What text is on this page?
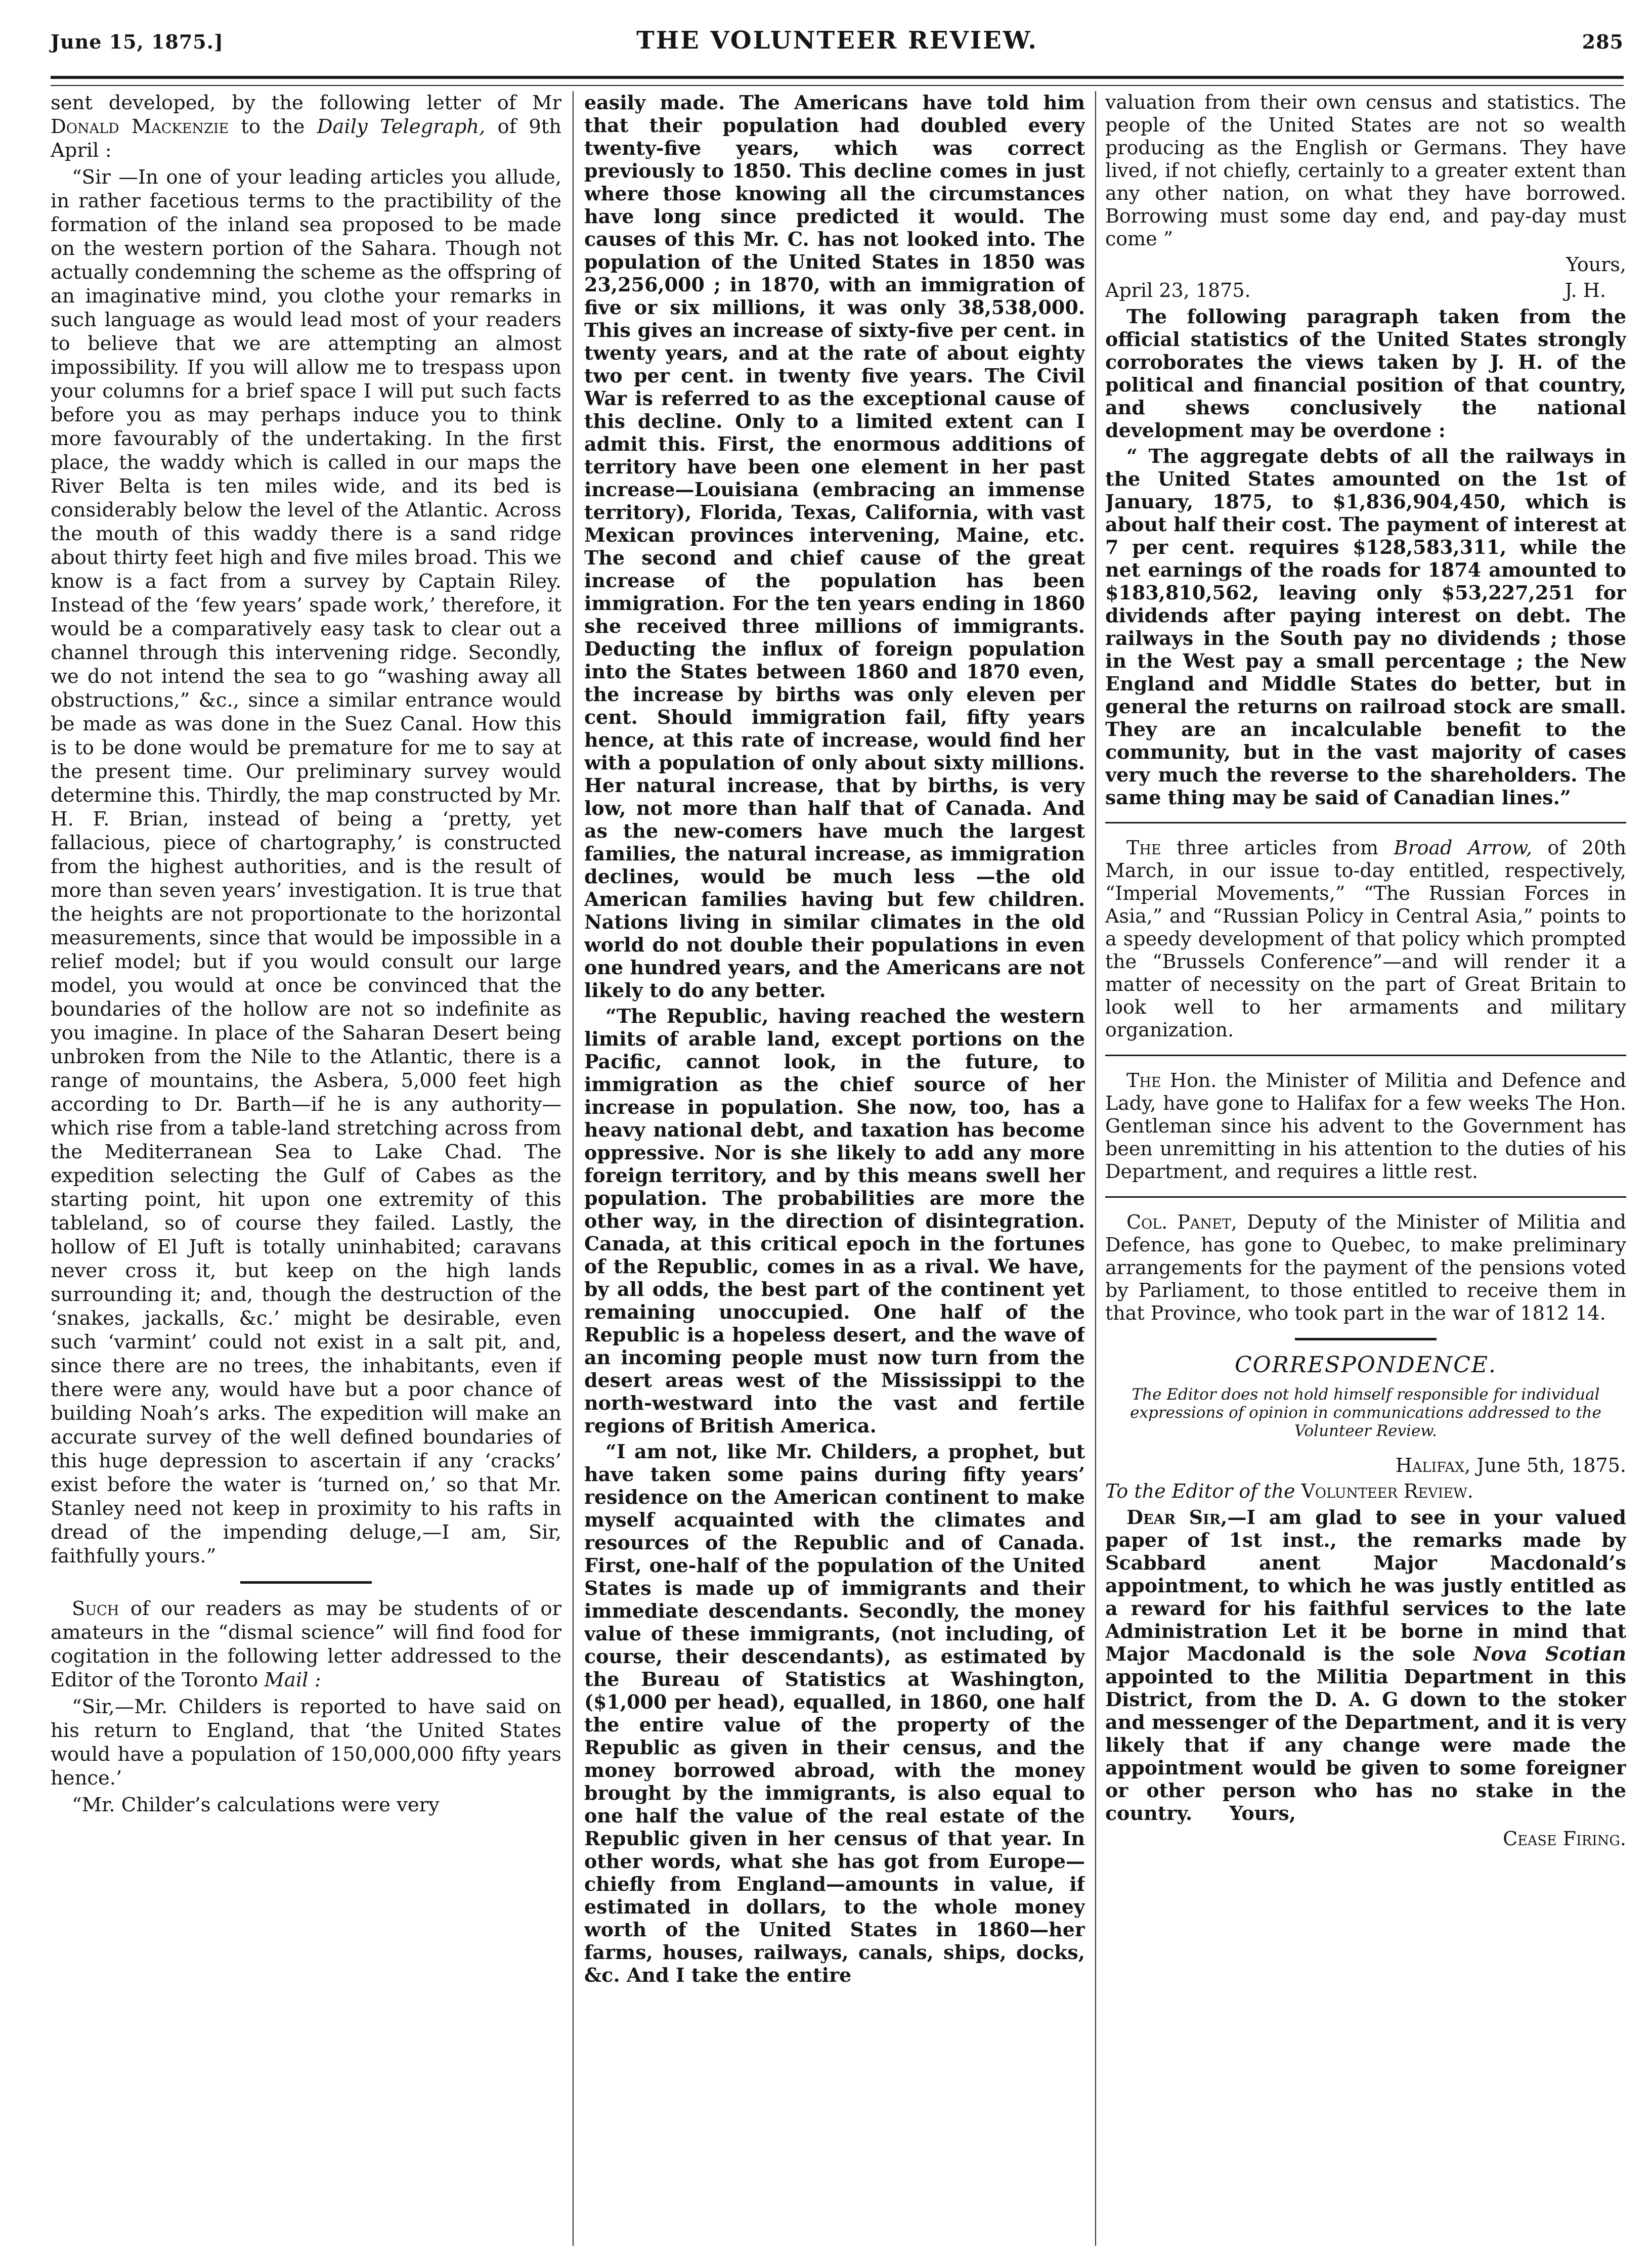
June 15, 1875.]	THE VOLUNTEER REVIEW.	285

sent developed, by the following letter of Mr Donald Mackenzie to the Daily Telegraph, of 9th April :

“Sir —In one of your leading articles you allude, in rather facetious terms to the practibility of the formation of the inland sea proposed to be made on the western portion of the Sahara. Though not actually condemning the scheme as the offspring of an imaginative mind, you clothe your remarks in such language as would lead most of your readers to believe that we are attempting an almost impossibility. If you will allow me to trespass upon your columns for a brief space I will put such facts before you as may perhaps induce you to think more favourably of the undertaking. In the first place, the waddy which is called in our maps the River Belta is ten miles wide, and its bed is considerably below the level of the Atlantic. Across the mouth of this waddy there is a sand ridge about thirty feet high and five miles broad. This we know is a fact from a survey by Captain Riley. Instead of the ‘few years’ spade work,’ therefore, it would be a comparatively easy task to clear out a channel through this intervening ridge. Secondly, we do not intend the sea to go “washing away all obstructions,” &c., since a similar entrance would be made as was done in the Suez Canal. How this is to be done would be premature for me to say at the present time. Our preliminary survey would determine this. Thirdly, the map constructed by Mr. H. F. Brian, instead of being a ‘pretty, yet fallacious, piece of chartography,’ is constructed from the highest authorities, and is the result of more than seven years’ investigation. It is true that the heights are not proportionate to the horizontal measurements, since that would be impossible in a relief model; but if you would consult our large model, you would at once be convinced that the boundaries of the hollow are not so indefinite as you imagine. In place of the Saharan Desert being unbroken from the Nile to the Atlantic, there is a range of mountains, the Asbera, 5,000 feet high according to Dr. Barth—if he is any authority—which rise from a table-land stretching across from the Mediterranean Sea to Lake Chad. The expedition selecting the Gulf of Cabes as the starting point, hit upon one extremity of this tableland, so of course they failed. Lastly, the hollow of El Juft is totally uninhabited; caravans never cross it, but keep on the high lands surrounding it; and, though the destruction of the ‘snakes, jackalls, &c.’ might be desirable, even such ‘varmint’ could not exist in a salt pit, and, since there are no trees, the inhabitants, even if there were any, would have but a poor chance of building Noah’s arks. The expedition will make an accurate survey of the well defined boundaries of this huge depression to ascertain if any ‘cracks’ exist before the water is ‘turned on,’ so that Mr. Stanley need not keep in proximity to his rafts in dread of the impending deluge,—I am, Sir, faithfully yours.”

Such of our readers as may be students of or amateurs in the “dismal science” will find food for cogitation in the following letter addressed to the Editor of the Toronto Mail :

“Sir,—Mr. Childers is reported to have said on his return to England, that ‘the United States would have a population of 150,000,000 fifty years hence.’

“Mr. Childer’s calculations were very

easily made. The Americans have told him that their population had doubled every twenty-five years, which was correct previously to 1850. This decline comes in just where those knowing all the circumstances have long since predicted it would. The causes of this Mr. C. has not looked into. The population of the United States in 1850 was 23,256,000 ; in 1870, with an immigration of five or six millions, it was only 38,538,000. This gives an increase of sixty-five per cent. in twenty years, and at the rate of about eighty two per cent. in twenty five years. The Civil War is referred to as the exceptional cause of this decline. Only to a limited extent can I admit this. First, the enormous additions of territory have been one element in her past increase—Louisiana (embracing an immense territory), Florida, Texas, California, with vast Mexican provinces intervening, Maine, etc. The second and chief cause of the great increase of the population has been immigration. For the ten years ending in 1860 she received three millions of immigrants. Deducting the influx of foreign population into the States between 1860 and 1870 even, the increase by births was only eleven per cent. Should immigration fail, fifty years hence, at this rate of increase, would find her with a population of only about sixty millions. Her natural increase, that by births, is very low, not more than half that of Canada. And as the new-comers have much the largest families, the natural increase, as immigration declines, would be much less —the old American families having but few children. Nations living in similar climates in the old world do not double their populations in even one hundred years, and the Americans are not likely to do any better.

“The Republic, having reached the western limits of arable land, except portions on the Pacific, cannot look, in the future, to immigration as the chief source of her increase in population. She now, too, has a heavy national debt, and taxation has become oppressive. Nor is she likely to add any more foreign territory, and by this means swell her population. The probabilities are more the other way, in the direction of disintegration. Canada, at this critical epoch in the fortunes of the Republic, comes in as a rival. We have, by all odds, the best part of the continent yet remaining unoccupied. One half of the Republic is a hopeless desert, and the wave of an incoming people must now turn from the desert areas west of the Mississippi to the north-westward into the vast and fertile regions of British America.

“I am not, like Mr. Childers, a prophet, but have taken some pains during fifty years’ residence on the American continent to make myself acquainted with the climates and resources of the Republic and of Canada. First, one-half of the population of the United States is made up of immigrants and their immediate descendants. Secondly, the money value of these immigrants, (not including, of course, their descendants), as estimated by the Bureau of Statistics at Washington, ($1,000 per head), equalled, in 1860, one half the entire value of the property of the Republic as given in their census, and the money borrowed abroad, with the money brought by the immigrants, is also equal to one half the value of the real estate of the Republic given in her census of that year. In other words, what she has got from Europe—chiefly from England—amounts in value, if estimated in dollars, to the whole money worth of the United States in 1860—her farms, houses, railways, canals, ships, docks, &c. And I take the entire

valuation from their own census and statistics. The people of the United States are not so wealth producing as the English or Germans. They have lived, if not chiefly, certainly to a greater extent than any other nation, on what they have borrowed. Borrowing must some day end, and pay-day must come ”

Yours,

April 23, 1875.	J. H.

The following paragraph taken from the official statistics of the United States strongly corroborates the views taken by J. H. of the political and financial position of that country, and shews conclusively the national development may be overdone :

“ The aggregate debts of all the railways in the United States amounted on the 1st of January, 1875, to $1,836,904,450, which is about half their cost. The payment of interest at 7 per cent. requires $128,583,311, while the net earnings of the roads for 1874 amounted to $183,810,562, leaving only $53,227,251 for dividends after paying interest on debt. The railways in the South pay no dividends ; those in the West pay a small percentage ; the New England and Middle States do better, but in general the returns on railroad stock are small. They are an incalculable benefit to the community, but in the vast majority of cases very much the reverse to the shareholders. The same thing may be said of Canadian lines.”

The three articles from Broad Arrow, of 20th March, in our issue to-day entitled, respectively, “Imperial Movements,” “The Russian Forces in Asia,” and “Russian Policy in Central Asia,” points to a speedy development of that policy which prompted the “Brussels Conference”—and will render it a matter of necessity on the part of Great Britain to look well to her armaments and military organization.

The Hon. the Minister of Militia and Defence and Lady, have gone to Halifax for a few weeks The Hon. Gentleman since his advent to the Government has been unremitting in his attention to the duties of his Department, and requires a little rest.

Col. Panet, Deputy of the Minister of Militia and Defence, has gone to Quebec, to make preliminary arrangements for the payment of the pensions voted by Parliament, to those entitled to receive them in that Province, who took part in the war of 1812 14.

CORRESPONDENCE.
The Editor does not hold himself responsible for individual expressions of opinion in communications addressed to the Volunteer Review.

Halifax, June 5th, 1875.

To the Editor of the Volunteer Review.

Dear Sir,—I am glad to see in your valued paper of 1st inst., the remarks made by Scabbard anent Major Macdonald’s appointment, to which he was justly entitled as a reward for his faithful services to the late Administration Let it be borne in mind that Major Macdonald is the sole Nova Scotian appointed to the Militia Department in this District, from the D. A. G down to the stoker and messenger of the Department, and it is very likely that if any change were made the appointment would be given to some foreigner or other person who has no stake in the country. Yours,

Cease Firing.
